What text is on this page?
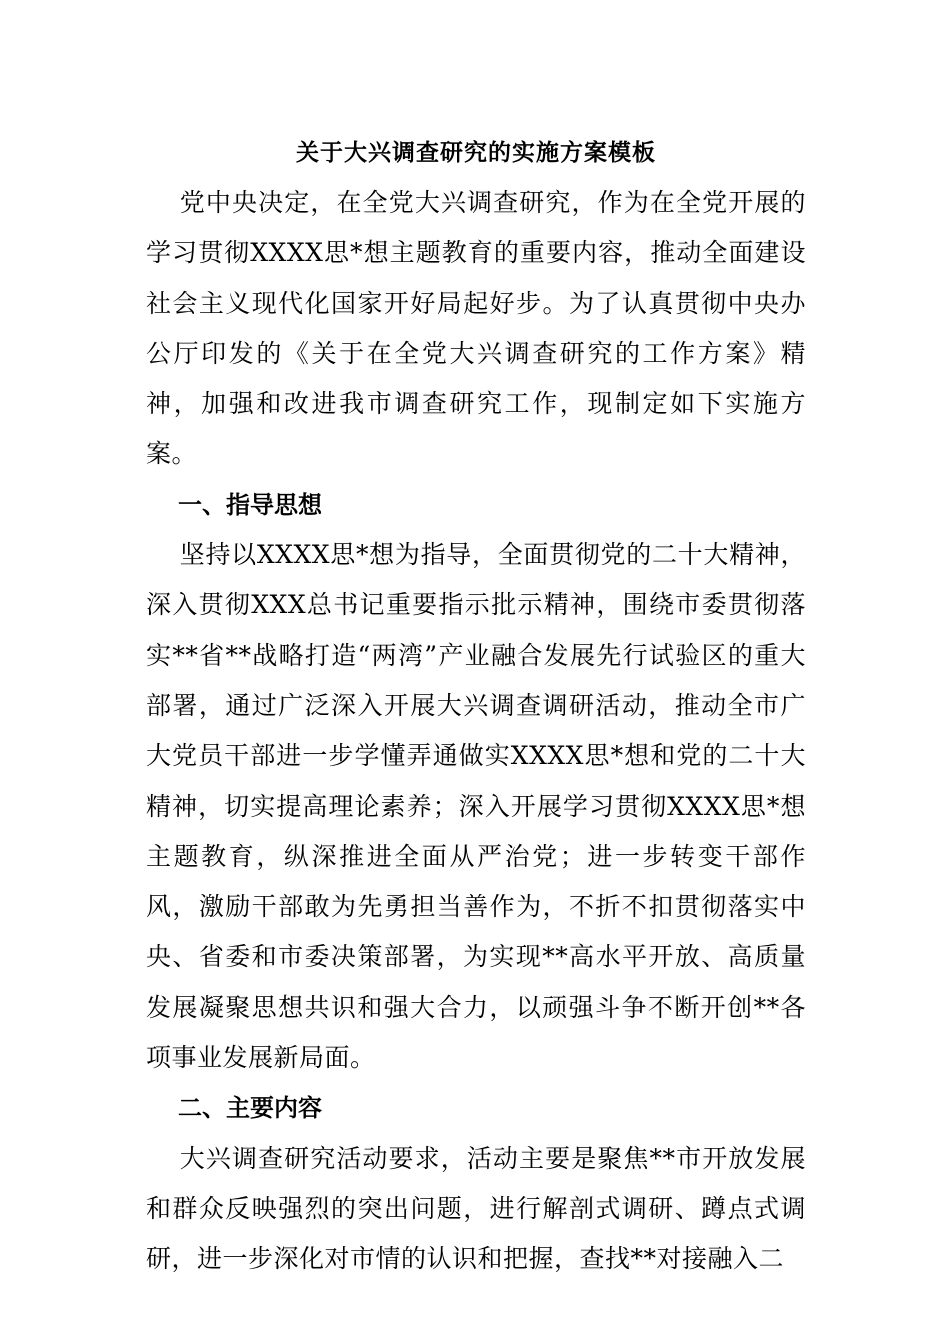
关于大兴调查研究的实施方案模板

党中央决定，在全党大兴调查研究，作为在全党开展的学习贯彻XXXX思*想主题教育的重要内容，推动全面建设社会主义现代化国家开好局起好步。为了认真贯彻中央办公厅印发的《关于在全党大兴调查研究的工作方案》精神，加强和改进我市调查研究工作，现制定如下实施方案。

一、指导思想

坚持以XXXX思*想为指导，全面贯彻党的二十大精神，深入贯彻XXX总书记重要指示批示精神，围绕市委贯彻落实**省**战略打造“两湾”产业融合发展先行试验区的重大部署，通过广泛深入开展大兴调查调研活动，推动全市广大党员干部进一步学懂弄通做实XXXX思*想和党的二十大精神，切实提高理论素养；深入开展学习贯彻XXXX思*想主题教育，纵深推进全面从严治党；进一步转变干部作风，激励干部敢为先勇担当善作为，不折不扣贯彻落实中央、省委和市委决策部署，为实现**高水平开放、高质量发展凝聚思想共识和强大合力，以顽强斗争不断开创**各项事业发展新局面。

二、主要内容

大兴调查研究活动要求，活动主要是聚焦**市开放发展和群众反映强烈的突出问题，进行解剖式调研、蹲点式调研，进一步深化对市情的认识和把握，查找**对接融入二
